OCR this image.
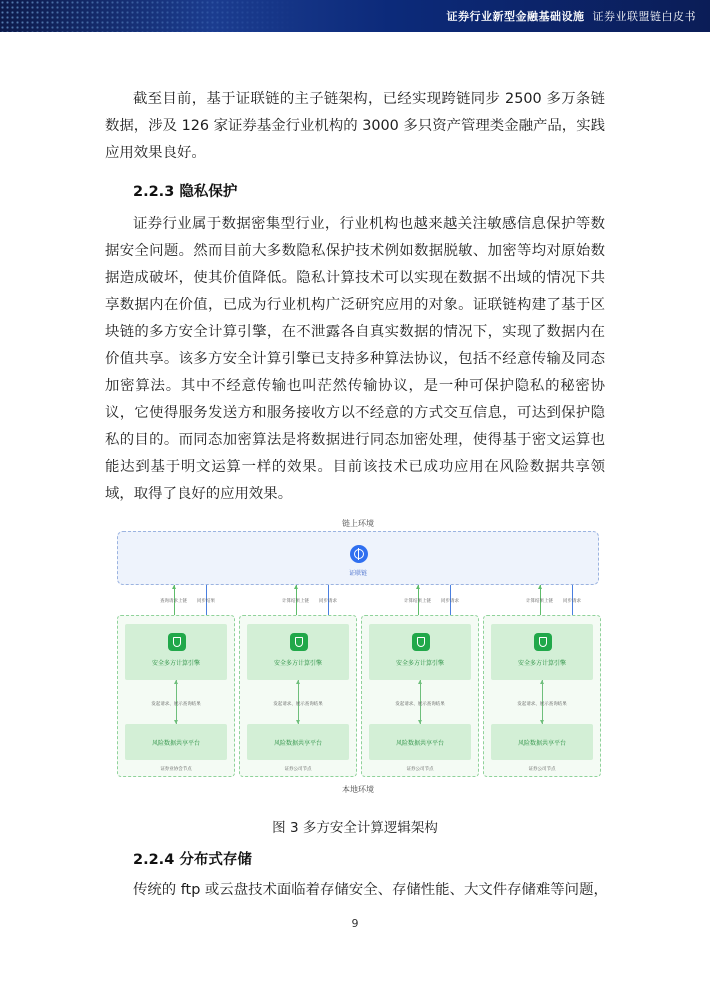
证券行业新型金融基础设施 证券业联盟链白皮书
截至目前，基于证联链的主子链架构，已经实现跨链同步 2500 多万条链数据，涉及 126 家证券基金行业机构的 3000 多只资产管理类金融产品，实践应用效果良好。
2.2.3 隐私保护
证券行业属于数据密集型行业，行业机构也越来越关注敏感信息保护等数据安全问题。然而目前大多数隐私保护技术例如数据脱敏、加密等均对原始数据造成破坏，使其价值降低。隐私计算技术可以实现在数据不出域的情况下共享数据内在价值，已成为行业机构广泛研究应用的对象。证联链构建了基于区块链的多方安全计算引擎，在不泄露各自真实数据的情况下，实现了数据内在价值共享。该多方安全计算引擎已支持多种算法协议，包括不经意传输及同态加密算法。其中不经意传输也叫茫然传输协议，是一种可保护隐私的秘密协议，它使得服务发送方和服务接收方以不经意的方式交互信息，可达到保护隐私的目的。而同态加密算法是将数据进行同态加密处理，使得基于密文运算也能达到基于明文运算一样的效果。目前该技术已成功应用在风险数据共享领域，取得了良好的应用效果。
链上环境
证联链
查询请求上链 同步结果	计算结果上链 同步请求	计算结果上链 同步请求	计算结果上链 同步请求
安全多方计算引擎
发起请求、展示查询结果
风险数据共享平台
证券业协会节点
安全多方计算引擎
发起请求、展示查询结果
风险数据共享平台
证券公司节点
安全多方计算引擎
发起请求、展示查询结果
风险数据共享平台
证券公司节点
安全多方计算引擎
发起请求、展示查询结果
风险数据共享平台
证券公司节点
本地环境
图 3 多方安全计算逻辑架构
2.2.4 分布式存储
传统的 ftp 或云盘技术面临着存储安全、存储性能、大文件存储难等问题，
9
